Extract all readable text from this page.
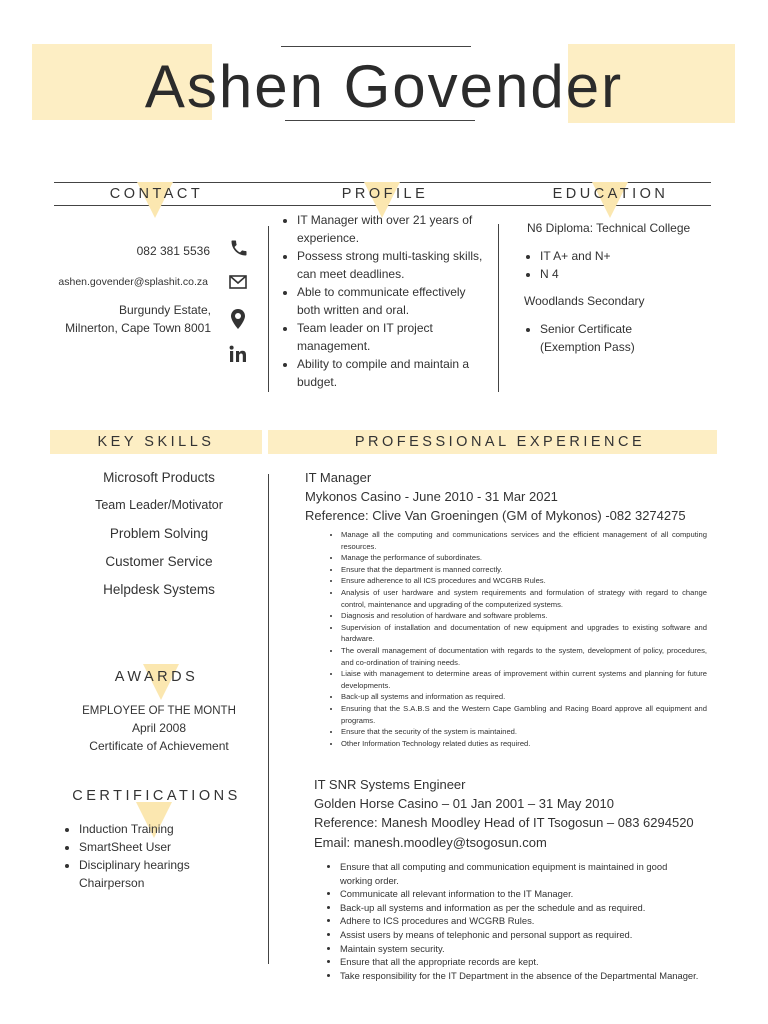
Ashen Govender
CONTACT	PROFILE	EDUCATION
082 381 5536
ashen.govender@splashit.co.za
Burgundy Estate,
Milnerton, Cape Town 8001
• IT Manager with over 21 years of experience.
• Possess strong multi-tasking skills, can meet deadlines.
• Able to communicate effectively both written and oral.
• Team leader on IT project management.
• Ability to compile and maintain a budget.
N6 Diploma: Technical College
• IT A+ and N+
• N 4
Woodlands Secondary
• Senior Certificate (Exemption Pass)
KEY SKILLS	PROFESSIONAL EXPERIENCE
Microsoft Products
Team Leader/Motivator
Problem Solving
Customer Service
Helpdesk Systems
AWARDS
EMPLOYEE OF THE MONTH
April 2008
Certificate of Achievement
CERTIFICATIONS
• Induction Training
• SmartSheet User
• Disciplinary hearings Chairperson
IT Manager
Mykonos Casino - June 2010 - 31 Mar 2021
Reference: Clive Van Groeningen (GM of Mykonos) -082 3274275
• Manage all the computing and communications services and the efficient management of all computing resources.
• Manage the performance of subordinates.
• Ensure that the department is manned correctly.
• Ensure adherence to all ICS procedures and WCGRB Rules.
• Analysis of user hardware and system requirements and formulation of strategy with regard to change control, maintenance and upgrading of the computerized systems.
• Diagnosis and resolution of hardware and software problems.
• Supervision of installation and documentation of new equipment and upgrades to existing software and hardware.
• The overall management of documentation with regards to the system, development of policy, procedures, and co-ordination of training needs.
• Liaise with management to determine areas of improvement within current systems and planning for future developments.
• Back-up all systems and information as required.
• Ensuring that the S.A.B.S and the Western Cape Gambling and Racing Board approve all equipment and programs.
• Ensure that the security of the system is maintained.
• Other Information Technology related duties as required.
IT SNR Systems Engineer
Golden Horse Casino – 01 Jan 2001 – 31 May 2010
Reference: Manesh Moodley Head of IT Tsogosun – 083 6294520
Email: manesh.moodley@tsogosun.com
• Ensure that all computing and communication equipment is maintained in good working order.
• Communicate all relevant information to the IT Manager.
• Back-up all systems and information as per the schedule and as required.
• Adhere to ICS procedures and WCGRB Rules.
• Assist users by means of telephonic and personal support as required.
• Maintain system security.
• Ensure that all the appropriate records are kept.
• Take responsibility for the IT Department in the absence of the Departmental Manager.
